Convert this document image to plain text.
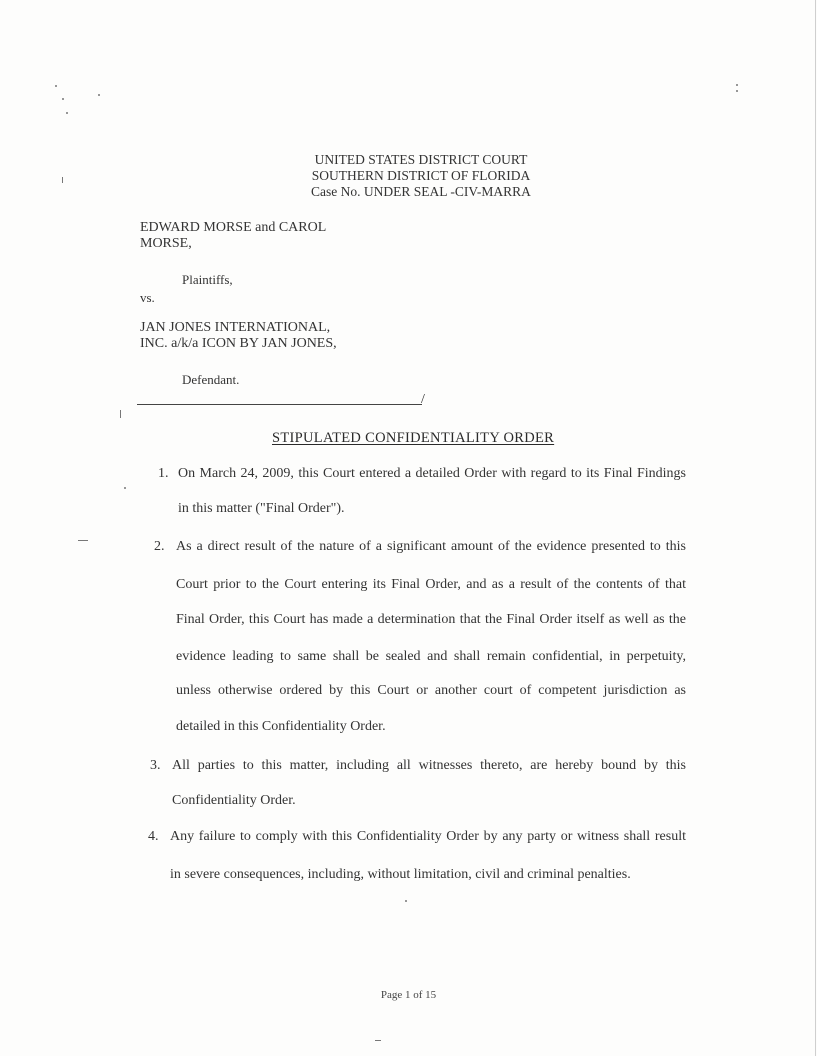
UNITED STATES DISTRICT COURT
SOUTHERN DISTRICT OF FLORIDA
Case No. UNDER SEAL -CIV-MARRA
EDWARD MORSE and CAROL
MORSE,
Plaintiffs,
vs.
JAN JONES INTERNATIONAL,
INC. a/k/a ICON BY JAN JONES,
Defendant.
/
STIPULATED CONFIDENTIALITY ORDER
1. On March 24, 2009, this Court entered a detailed Order with regard to its Final Findings
in this matter ("Final Order").
2. As a direct result of the nature of a significant amount of the evidence presented to this
Court prior to the Court entering its Final Order, and as a result of the contents of that
Final Order, this Court has made a determination that the Final Order itself as well as the
evidence leading to same shall be sealed and shall remain confidential, in perpetuity,
unless otherwise ordered by this Court or another court of competent jurisdiction as
detailed in this Confidentiality Order.
3. All parties to this matter, including all witnesses thereto, are hereby bound by this
Confidentiality Order.
4. Any failure to comply with this Confidentiality Order by any party or witness shall result
in severe consequences, including, without limitation, civil and criminal penalties.
Page 1 of 15
